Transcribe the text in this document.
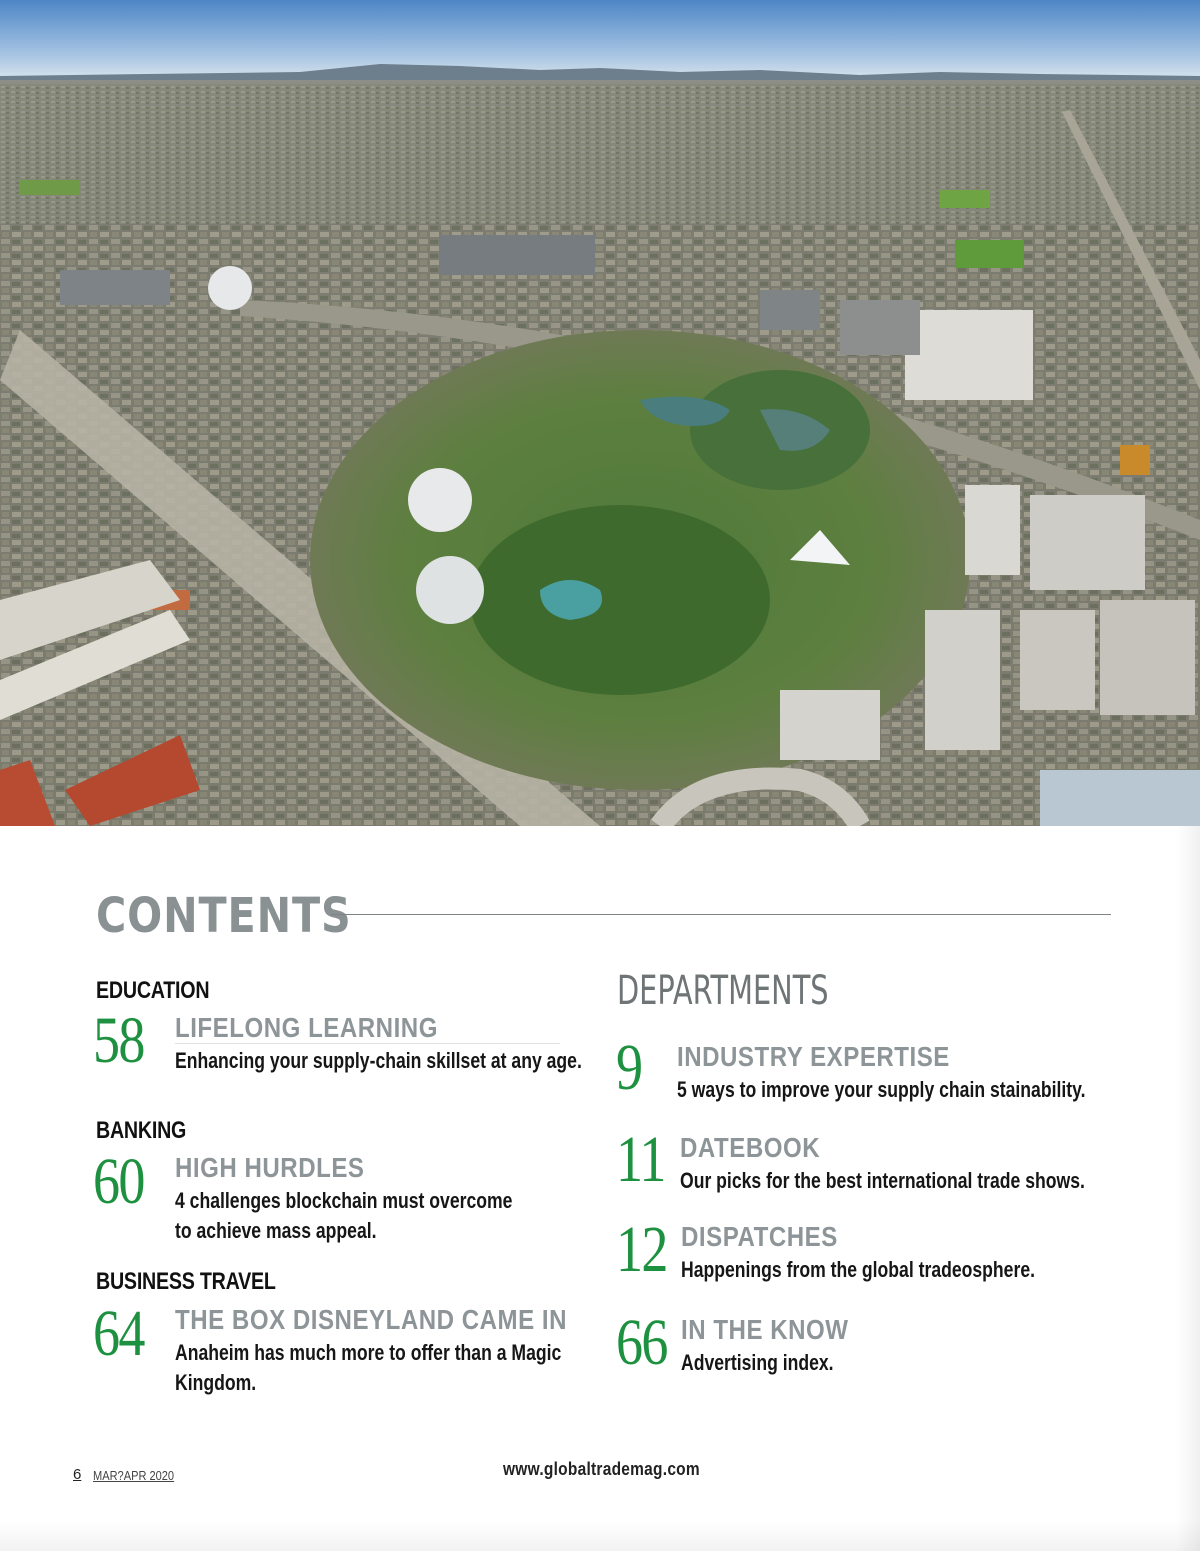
CONTENTS
EDUCATION
58 LIFELONG LEARNING
Enhancing your supply-chain skillset at any age.
BANKING
60 HIGH HURDLES
4 challenges blockchain must overcome
to achieve mass appeal.
BUSINESS TRAVEL
64 THE BOX DISNEYLAND CAME IN
Anaheim has much more to offer than a Magic
Kingdom.
DEPARTMENTS
9 INDUSTRY EXPERTISE
5 ways to improve your supply chain stainability.
11 DATEBOOK
Our picks for the best international trade shows.
12 DISPATCHES
Happenings from the global tradeosphere.
66 IN THE KNOW
Advertising index.
6 MAR?APR 2020	www.globaltrademag.com
